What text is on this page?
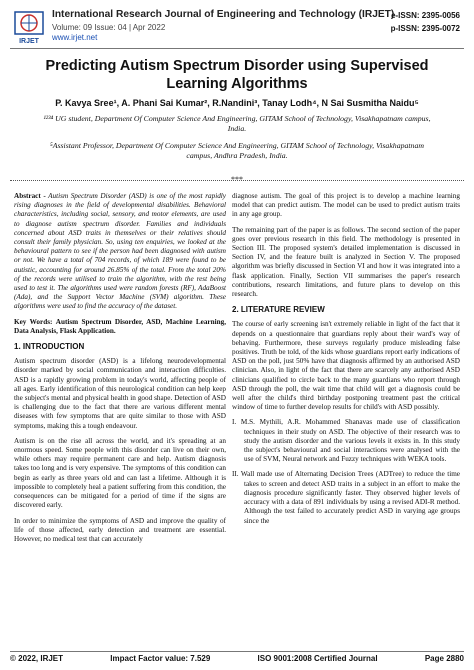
IRJET
International Research Journal of Engineering and Technology (IRJET)
Volume: 09 Issue: 04 | Apr 2022
www.irjet.net
e-ISSN: 2395-0056
p-ISSN: 2395-0072
Predicting Autism Spectrum Disorder using Supervised Learning Algorithms
P. Kavya Sree¹, A. Phani Sai Kumar², R.Nandini³, Tanay Lodh⁴, N Sai Susmitha Naidu⁵
¹²³⁴ UG student, Department Of Computer Science And Engineering, GITAM School of Technology, Visakhapatnam campus, India.
⁵Assistant Professor, Department Of Computer Science And Engineering, GITAM School of Technology, Visakhapatnam campus, Andhra Pradesh, India.
***

Abstract - Autism Spectrum Disorder (ASD) is one of the most rapidly rising diagnoses in the field of developmental disabilities. Behavioral characteristics, including social, sensory, and motor elements, are used to diagnose autism spectrum disorder. Families and individuals concerned about ASD traits in themselves or their relatives should consult their family physician. So, using ten enquiries, we looked at the behavioural pattern to see if the person had been diagnosed with autism or not. We have a total of 704 records, of which 189 were found to be autistic, accounting for around 26.85% of the total. From the total 20% of the records were utilised to train the algorithm, with the rest being used to test it. The algorithms used were random forests (RF), AdaBoost (Ada), and the Support Vector Machine (SVM) algorithm. These algorithms were used to find the accuracy of the dataset.

Key Words: Autism Spectrum Disorder, ASD, Machine Learning, Data Analysis, Flask Application.

1. INTRODUCTION

Autism spectrum disorder (ASD) is a lifelong neurodevelopmental disorder marked by social communication and interaction difficulties. ASD is a rapidly growing problem in today's world, affecting people of all ages. Early identification of this neurological condition can help keep the subject's mental and physical health in good shape. Detection of ASD is challenging due to the fact that there are various different mental diseases with few symptoms that are quite similar to those with ASD symptoms, making this a tough endeavour.

Autism is on the rise all across the world, and it's spreading at an enormous speed. Some people with this disorder can live on their own, while others may require permanent care and help. Autism diagnosis takes too long and is very expensive. The symptoms of this condition can begin as early as three years old and can last a lifetime. Although it is impossible to completely heal a patient suffering from this condition, the consequences can be mitigated for a period of time if the signs are discovered early.

In order to minimize the symptoms of ASD and improve the quality of life of those affected, early detection and treatment are essential. However, no medical test that can accurately

diagnose autism. The goal of this project is to develop a machine learning model that can predict autism. The model can be used to predict autism traits in any age group.

The remaining part of the paper is as follows. The second section of the paper goes over previous research in this field. The methodology is presented in Section III. The proposed system's detailed implementation is discussed in Section IV, and the feature built is analyzed in Section V. The proposed algorithm was briefly discussed in Section VI and how it was integrated into a flask application. Finally, Section VII summarises the paper's research contributions, research limitations, and future plans to develop on this research.

2. LITERATURE REVIEW

The course of early screening isn't extremely reliable in light of the fact that it depends on a questionnaire that guardians reply about their ward's way of behaving. Furthermore, these surveys regularly produce misleading false positives. Truth be told, of the kids whose guardians report early indications of ASD on the poll, just 50% have that diagnosis affirmed by an authorised ASD clinician. Also, in light of the fact that there are scarcely any authorised ASD clinicians qualified to circle back to the many guardians who report through ASD through the poll, the wait time that child will get a diagnosis could be well after the child's third birthday postponing treatment past the critical window of time to further develop results for child's with ASD possibly.

I. M.S. Mythili, A.R. Mohammed Shanavas made use of classification techniques in their study on ASD. The objective of their research was to study the autism disorder and the various levels it exists in. In this study the subject's behavioural and social interactions were analysed with the use of SVM, Neural network and Fuzzy techniques with WEKA tools.

II. Wall made use of Alternating Decision Trees (ADTree) to reduce the time takes to screen and detect ASD traits in a subject in an effort to make the diagnosis procedure significantly faster. They observed higher levels of accuracy with a data of 891 individuals by using a revised ADI-R method. Although the test failed to accurately predict ASD in varying age groups since the

© 2022, IRJET	Impact Factor value: 7.529	ISO 9001:2008 Certified Journal	Page 2880
